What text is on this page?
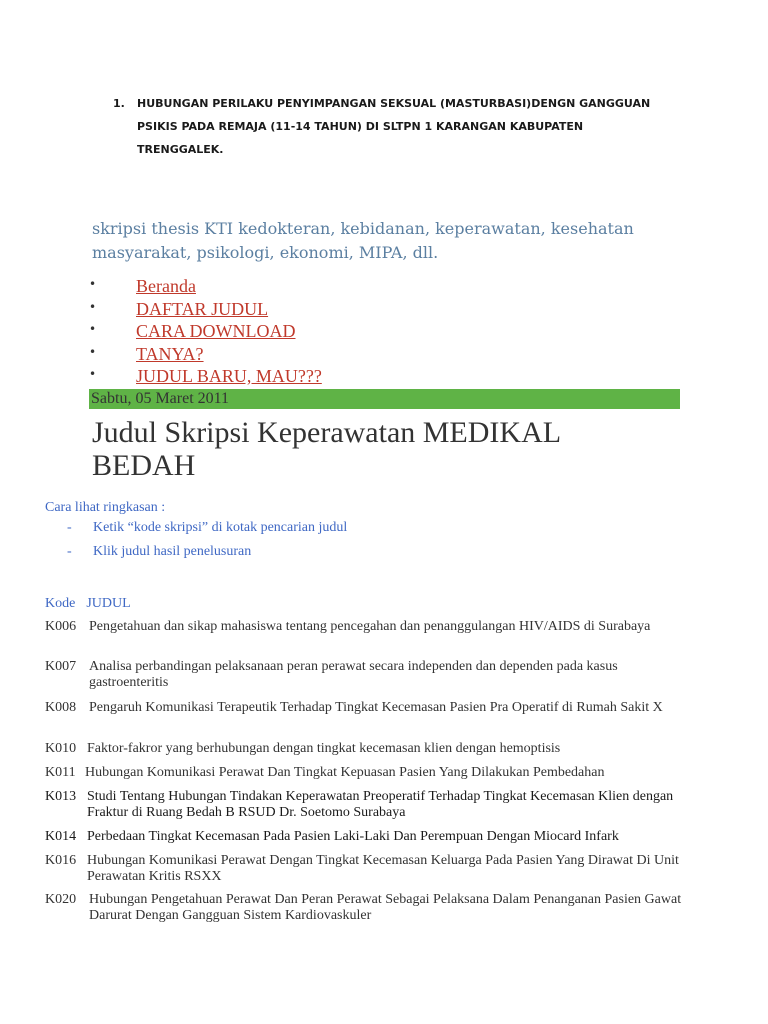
1. HUBUNGAN PERILAKU PENYIMPANGAN SEKSUAL (MASTURBASI)DENGN GANGGUAN PSIKIS PADA REMAJA (11-14 TAHUN) DI SLTPN 1 KARANGAN KABUPATEN TRENGGALEK.
skripsi thesis KTI kedokteran, kebidanan, keperawatan, kesehatan masyarakat, psikologi, ekonomi, MIPA, dll.
• Beranda
• DAFTAR JUDUL
• CARA DOWNLOAD
• TANYA?
• JUDUL BARU, MAU???
Sabtu, 05 Maret 2011
Judul Skripsi Keperawatan MEDIKAL BEDAH
Cara lihat ringkasan :
- Ketik “kode skripsi” di kotak pencarian judul
- Klik judul hasil penelusuran
Kode JUDUL
K006 Pengetahuan dan sikap mahasiswa tentang pencegahan dan penanggulangan HIV/AIDS di Surabaya
K007 Analisa perbandingan pelaksanaan peran perawat secara independen dan dependen pada kasus gastroenteritis
K008 Pengaruh Komunikasi Terapeutik Terhadap Tingkat Kecemasan Pasien Pra Operatif di Rumah Sakit X
K010 Faktor-fakror yang berhubungan dengan tingkat kecemasan klien dengan hemoptisis
K011 Hubungan Komunikasi Perawat Dan Tingkat Kepuasan Pasien Yang Dilakukan Pembedahan
K013 Studi Tentang Hubungan Tindakan Keperawatan Preoperatif Terhadap Tingkat Kecemasan Klien dengan Fraktur di Ruang Bedah B RSUD Dr. Soetomo Surabaya
K014 Perbedaan Tingkat Kecemasan Pada Pasien Laki-Laki Dan Perempuan Dengan Miocard Infark
K016 Hubungan Komunikasi Perawat Dengan Tingkat Kecemasan Keluarga Pada Pasien Yang Dirawat Di Unit Perawatan Kritis RSXX
K020 Hubungan Pengetahuan Perawat Dan Peran Perawat Sebagai Pelaksana Dalam Penanganan Pasien Gawat Darurat Dengan Gangguan Sistem Kardiovaskuler
